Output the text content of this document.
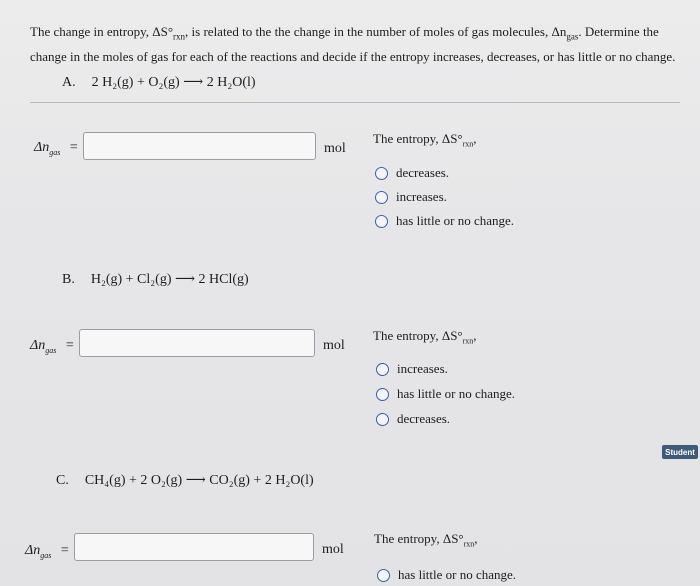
The change in entropy, $\Delta S^\circ_{rxn}$, is related to the the change in the number of moles of gas molecules, $\Delta n_{gas}$. Determine the change in the moles of gas for each of the reactions and decide if the entropy increases, decreases, or has little or no change.
A. 2 H₂(g) + O₂(g) ⟶ 2 H₂O(l)
$\Delta n_{gas}$ =	mol
The entropy, $\Delta S^\circ_{rxn}$,
decreases.
increases.
has little or no change.
B. H₂(g) + Cl₂(g) ⟶ 2 HCl(g)
$\Delta n_{gas}$ =	mol
The entropy, $\Delta S^\circ_{rxn}$,
increases.
has little or no change.
decreases.
Student
C. CH₄(g) + 2 O₂(g) ⟶ CO₂(g) + 2 H₂O(l)
$\Delta n_{gas}$ =	mol
The entropy, $\Delta S^\circ_{rxn}$,
has little or no change.
